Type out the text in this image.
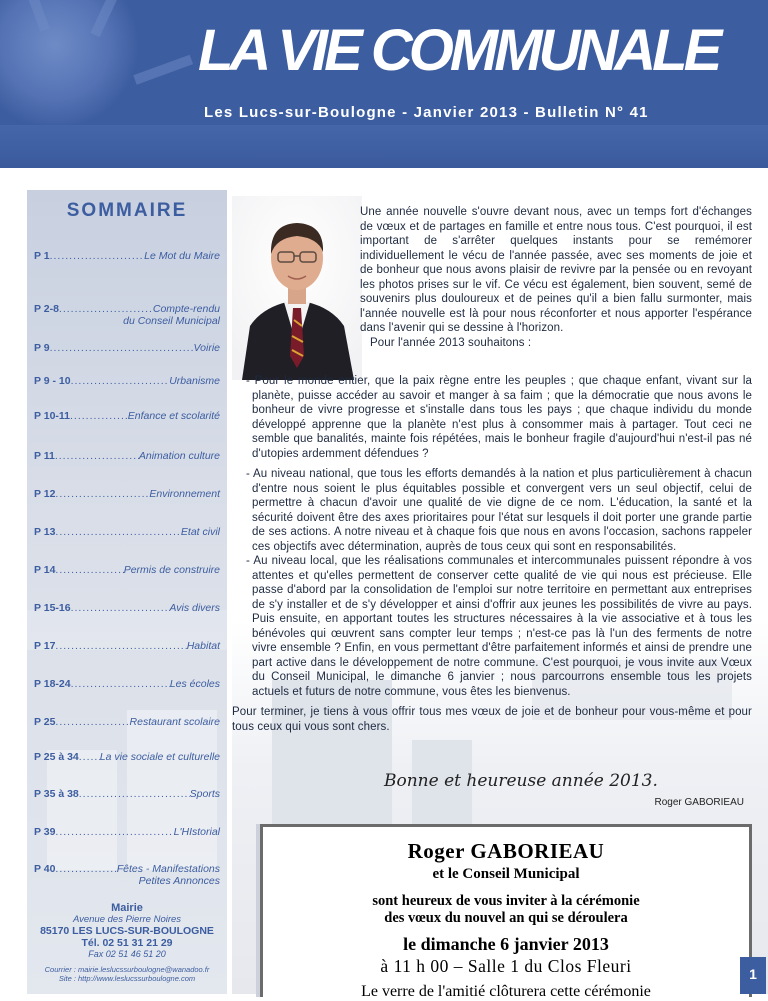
LA VIE COMMUNALE
Les Lucs-sur-Boulogne - Janvier 2013 - Bulletin N° 41
SOMMAIRE
P 1 .....	Le Mot du Maire
P 2-8 .....	Compte-rendu
du Conseil Municipal
P 9 .....	Voirie
P 9 - 10 .....	Urbanisme
P 10-11 .....	Enfance et scolarité
P 11 .....	Animation culture
P 12 .....	Environnement
P 13 .....	Etat civil
P 14 .....	Permis de construire
P 15-16 .....	Avis divers
P 17 .....	Habitat
P 18-24 .....	Les écoles
P 25 .....	Restaurant scolaire
P 25 à 34 ..... La vie sociale et culturelle
P 35 à 38 .....	Sports
P 39 .....	L'HIstorial
P 40 .....	Fêtes - Manifestations
Petites Annonces
Mairie
Avenue des Pierre Noires
85170 LES LUCS-SUR-BOULOGNE
Tél. 02 51 31 21 29
Fax 02 51 46 51 20
Courrier : mairie.leslucssurboulogne@wanadoo.fr
Site : http://www.leslucssurboulogne.com

Une année nouvelle s'ouvre devant nous, avec un temps fort d'échanges de vœux et de partages en famille et entre nous tous. C'est pourquoi, il est important de s'arrêter quelques instants pour se remémorer individuellement le vécu de l'année passée, avec ses moments de joie et de bonheur que nous avons plaisir de revivre par la pensée ou en revoyant les photos prises sur le vif. Ce vécu est également, bien souvent, semé de souvenirs plus douloureux et de peines qu'il a bien fallu surmonter, mais l'année nouvelle est là pour nous réconforter et nous apporter l'espérance dans l'avenir qui se dessine à l'horizon.

Pour l'année 2013 souhaitons :

- Pour le monde entier, que la paix règne entre les peuples ; que chaque enfant, vivant sur la planète, puisse accéder au savoir et manger à sa faim ; que la démocratie que nous avons le bonheur de vivre progresse et s'installe dans tous les pays ; que chaque individu du monde développé apprenne que la planète n'est plus à consommer mais à partager. Tout ceci ne semble que banalités, mainte fois répétées, mais le bonheur fragile d'aujourd'hui n'est-il pas né d'utopies ardemment défendues ?

- Au niveau national, que tous les efforts demandés à la nation et plus particulièrement à chacun d'entre nous soient le plus équitables possible et convergent vers un seul objectif, celui de permettre à chacun d'avoir une qualité de vie digne de ce nom. L'éducation, la santé et la sécurité doivent être des axes prioritaires pour l'état sur lesquels il doit porter une grande partie de ses actions. A notre niveau et à chaque fois que nous en avons l'occasion, sachons rappeler ces objectifs avec détermination, auprès de tous ceux qui sont en responsabilités.

- Au niveau local, que les réalisations communales et intercommunales puissent répondre à vos attentes et qu'elles permettent de conserver cette qualité de vie qui nous est précieuse. Elle passe d'abord par la consolidation de l'emploi sur notre territoire en permettant aux entreprises de s'y installer et de s'y développer et ainsi d'offrir aux jeunes les possibilités de vivre au pays. Puis ensuite, en apportant toutes les structures nécessaires à la vie associative et à tous les bénévoles qui œuvrent sans compter leur temps ; n'est-ce pas là l'un des ferments de notre vivre ensemble ? Enfin, en vous permettant d'être parfaitement informés et ainsi de prendre une part active dans le développement de notre commune. C'est pourquoi, je vous invite aux Vœux du Conseil Municipal, le dimanche 6 janvier ; nous parcourrons ensemble tous les projets actuels et futurs de notre commune, vous êtes les bienvenus.

Pour terminer, je tiens à vous offrir tous mes vœux de joie et de bonheur pour vous-même et pour tous ceux qui vous sont chers.

Bonne et heureuse année 2013.
Roger GABORIEAU
Roger GABORIEAU
et le Conseil Municipal
sont heureux de vous inviter à la cérémonie
des vœux du nouvel an qui se déroulera
le dimanche 6 janvier 2013
à 11 h 00 – Salle 1 du Clos Fleuri
Le verre de l'amitié clôturera cette cérémonie
1
